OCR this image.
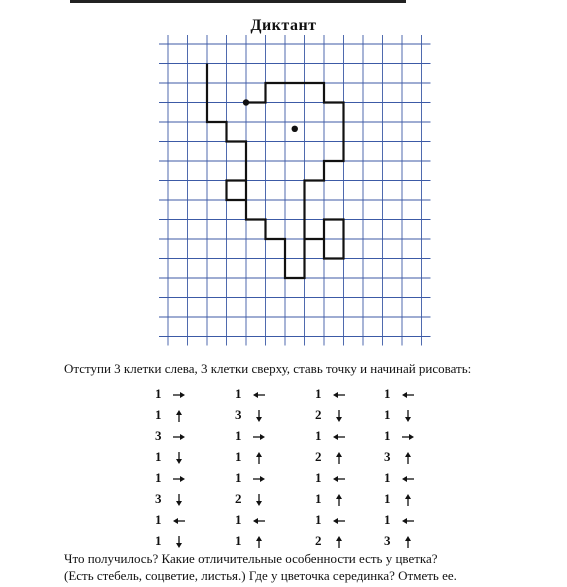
Диктант
Отступи 3 клетки слева, 3 клетки сверху, ставь точку и начинай рисовать:
1
1
3
1
1
3
1
1
1
3
1
1
1
2
1
1
1
2
1
2
1
1
1
2
1
1
1
3
1
1
1
3
Что получилось? Какие отличительные особенности есть у цветка?
(Есть стебель, соцветие, листья.) Где у цветочка серединка? Отметь ее.
